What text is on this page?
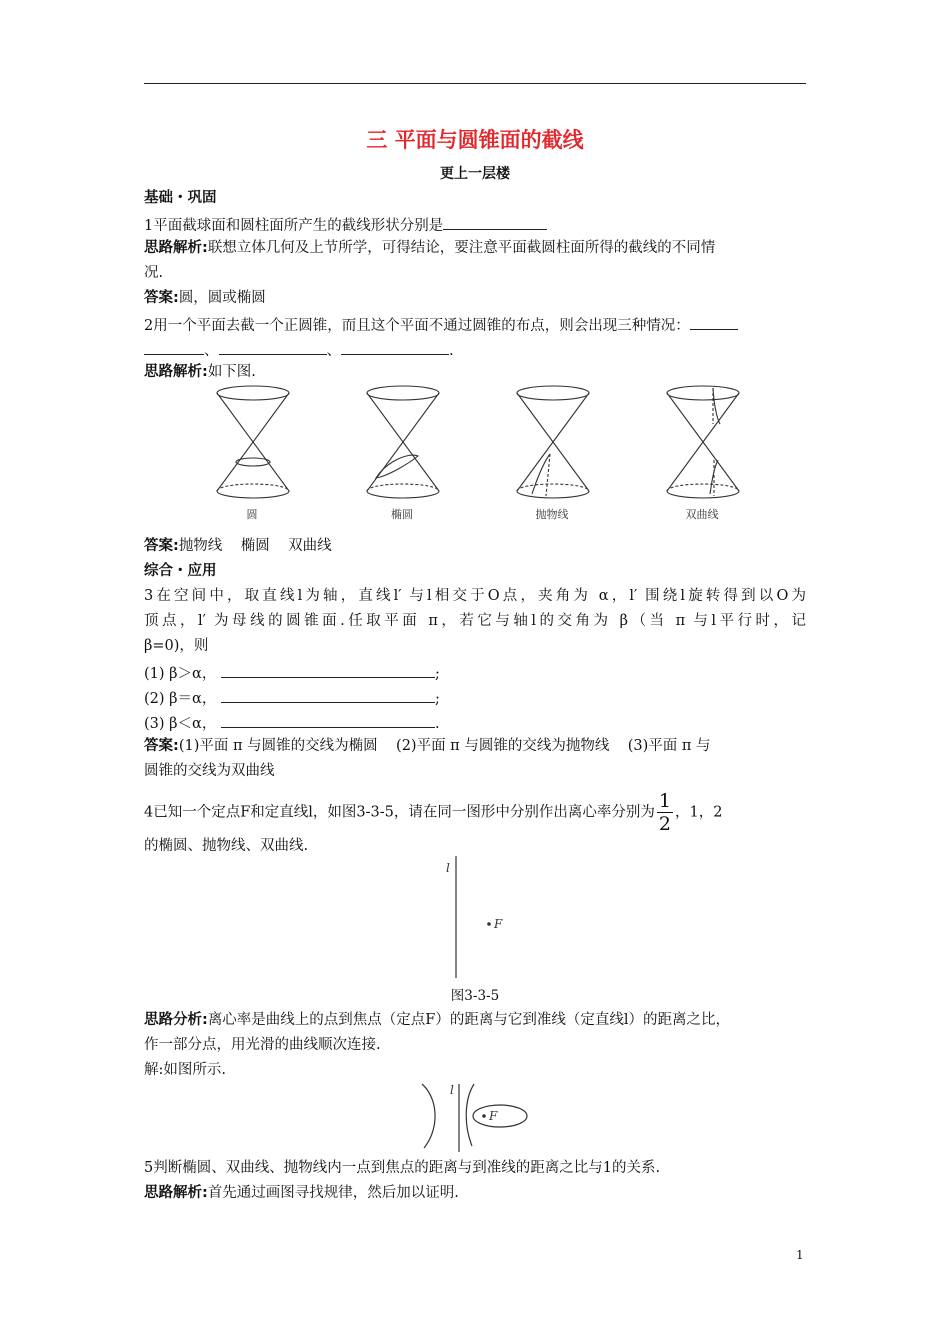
三 平面与圆锥面的截线
更上一层楼
基础・巩固
1平面截球面和圆柱面所产生的截线形状分别是
思路解析:联想立体几何及上节所学，可得结论，要注意平面截圆柱面所得的截线的不同情
况.
答案:圆，圆或椭圆
2用一个平面去截一个正圆锥，而且这个平面不通过圆锥的布点，则会出现三种情况：
、	、	.
思路解析:如下图.
圆	椭圆	抛物线	双曲线
答案:抛物线    椭圆    双曲线
综合・应用
3在空间中，取直线l为轴，直线l′ 与l相交于O点，夹角为 α，l′ 围绕l旋转得到以O为
顶点，l′ 为母线的圆锥面.任取平面 π，若它与轴l的交角为 β（当 π 与l平行时，记
β=0)，则
(1) β＞α，	;
(2) β＝α，	;
(3) β＜α，	.
答案:(1)平面 π 与圆锥的交线为椭圆    (2)平面 π 与圆锥的交线为抛物线    (3)平面 π 与
圆锥的交线为双曲线
4已知一个定点F和定直线l，如图3-3-5，请在同一图形中分别作出离心率分别为 $\frac{1}{2}$ ，1，2
的椭圆、抛物线、双曲线.
l
F
图3-3-5
思路分析:离心率是曲线上的点到焦点（定点F）的距离与它到准线（定直线l）的距离之比，
作一部分点，用光滑的曲线顺次连接.
解:如图所示.
l
F
5判断椭圆、双曲线、抛物线内一点到焦点的距离与到准线的距离之比与1的关系.
思路解析:首先通过画图寻找规律，然后加以证明.
1
